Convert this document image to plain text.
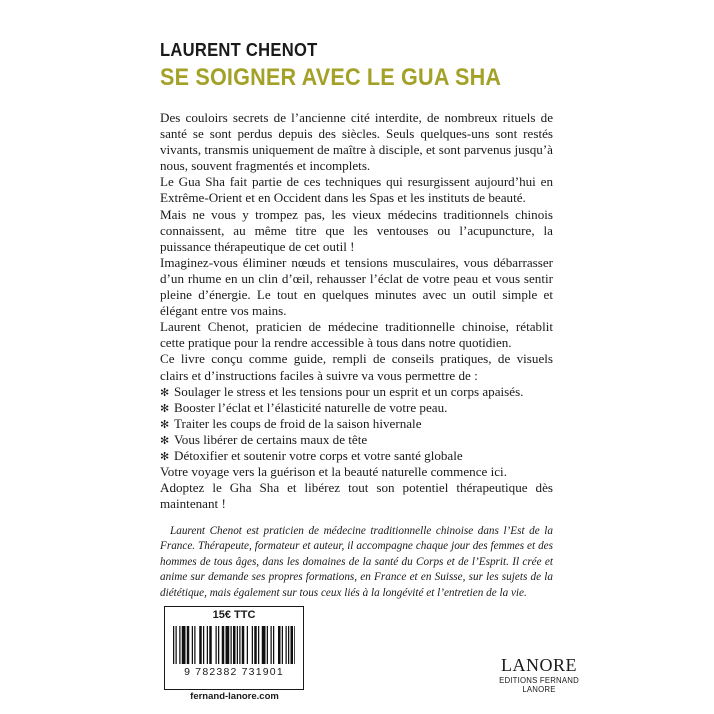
LAURENT CHENOT
SE SOIGNER AVEC LE GUA SHA

Des couloirs secrets de l’ancienne cité interdite, de nombreux rituels de santé se sont perdus depuis des siècles. Seuls quelques-uns sont restés vivants, transmis uniquement de maître à disciple, et sont parvenus jusqu’à nous, souvent fragmentés et incomplets.

Le Gua Sha fait partie de ces techniques qui resurgissent aujourd’hui en Extrême-Orient et en Occident dans les Spas et les instituts de beauté.

Mais ne vous y trompez pas, les vieux médecins traditionnels chinois connaissent, au même titre que les ventouses ou l’acupuncture, la puissance thérapeutique de cet outil !

Imaginez-vous éliminer nœuds et tensions musculaires, vous débarrasser d’un rhume en un clin d’œil, rehausser l’éclat de votre peau et vous sentir pleine d’énergie. Le tout en quelques minutes avec un outil simple et élégant entre vos mains.

Laurent Chenot, praticien de médecine traditionnelle chinoise, rétablit cette pratique pour la rendre accessible à tous dans notre quotidien.

Ce livre conçu comme guide, rempli de conseils pratiques, de visuels clairs et d’instructions faciles à suivre va vous permettre de :

✻ Soulager le stress et les tensions pour un esprit et un corps apaisés.
✻ Booster l’éclat et l’élasticité naturelle de votre peau.
✻ Traiter les coups de froid de la saison hivernale
✻ Vous libérer de certains maux de tête
✻ Détoxifier et soutenir votre corps et votre santé globale

Votre voyage vers la guérison et la beauté naturelle commence ici.

Adoptez le Gha Sha et libérez tout son potentiel thérapeutique dès maintenant !

Laurent Chenot est praticien de médecine traditionnelle chinoise dans l’Est de la France. Thérapeute, formateur et auteur, il accompagne chaque jour des femmes et des hommes de tous âges, dans les domaines de la santé du Corps et de l’Esprit. Il crée et anime sur demande ses propres formations, en France et en Suisse, sur les sujets de la diététique, mais également sur tous ceux liés à la longévité et l’entretien de la vie.
15€ TTC
9 782382 731901
fernand-lanore.com
LANORE
EDITIONS FERNAND LANORE
